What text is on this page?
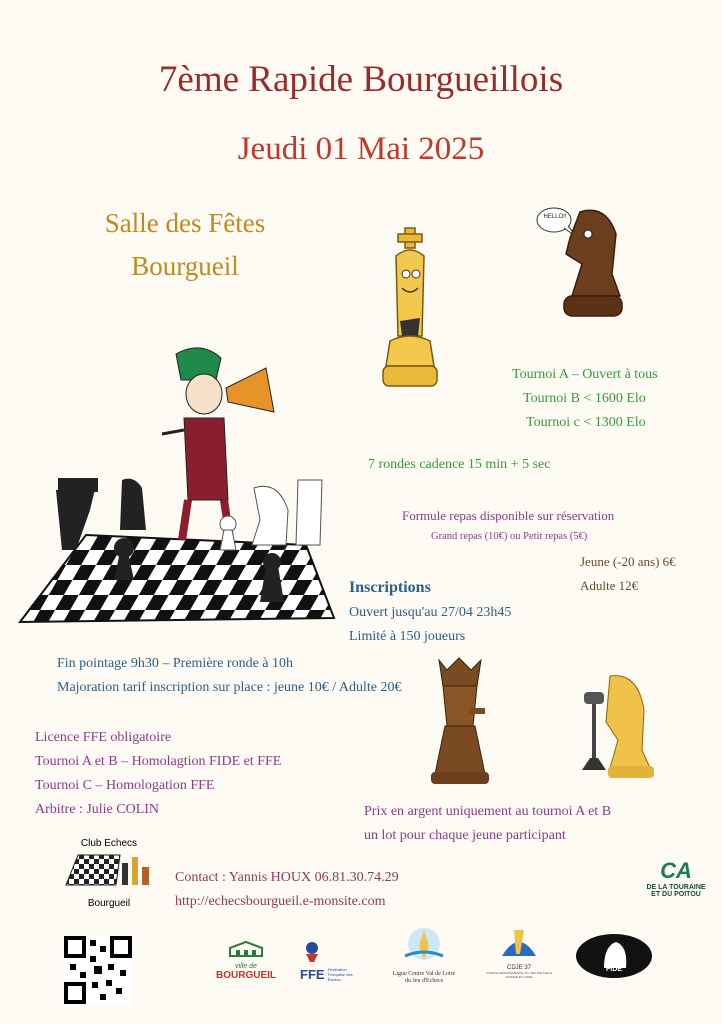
7ème Rapide Bourgueillois
Jeudi 01 Mai 2025
Salle des Fêtes
Bourgueil
HELLO!!
Tournoi A – Ouvert à tous
Tournoi B < 1600 Elo
Tournoi c < 1300 Elo
7 rondes cadence 15 min + 5 sec
Formule repas disponible sur réservation
Grand repas (10€) ou Petit repas (5€)
Jeune (-20 ans) 6€
Adulte 12€
Inscriptions
Ouvert jusqu'au 27/04 23h45
Limité à 150 joueurs
Fin pointage 9h30 – Première ronde à 10h
Majoration tarif inscription sur place : jeune 10€ / Adulte 20€
Licence FFE obligatoire
Tournoi A et B – Homolagtion FIDE et FFE
Tournoi C – Homologation FFE
Arbitre : Julie COLIN	Prix en argent uniquement au tournoi A et B
un lot pour chaque jeune participant
Club Echecs
Bourgueil
Contact : Yannis HOUX 06.81.30.74.29
http://echecsbourgueil.e-monsite.com
CA
DE LA TOURAINE
ET DU POITOU
ville de
BOURGUEIL	FFE Fédération Française des Échecs
Ligue Centre Val de Loire du Jeu d'Echecs
CDJE 37
COMITE DEPARTEMENTAL DU JEU D'ECHECS D'INDRE-ET-LOIRE
FIDE
